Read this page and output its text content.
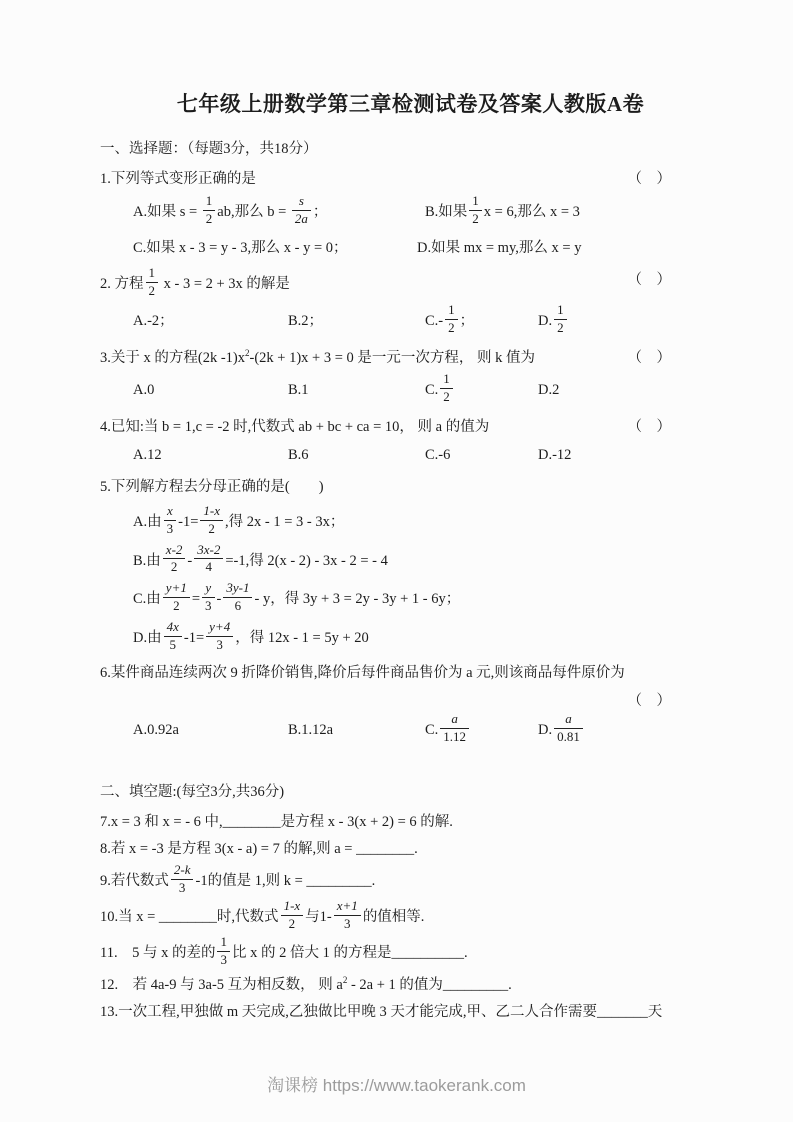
七年级上册数学第三章检测试卷及答案人教版A卷
一、选择题：（每题3分，共18分）
（　）
1.下列等式变形正确的是
A.如果 $s = \frac{1}{2}$ ab,那么 $b = \frac{s}{2a}$ ；	B.如果 $\frac{1}{2}$ x = 6,那么 x = 3
C.如果 x - 3 = y - 3,那么 x - y = 0；	D.如果 mx = my,那么 x = y
（　）
2. 方程 $\frac{1}{2}$ x - 3 = 2 + 3x 的解是
A.-2；	B.2；	$C.- \frac{1}{2}$ ；	D. $\frac{1}{2}$
（　）
3.关于 x 的方程(2k $-1)x^2-(2k + 1)x + 3 = 0$ 是一元一次方程， 则 k 值为
A.0	B.1	C. $\frac{1}{2}$	D.2
（　）
4.已知:当 b = 1,c = -2 时,代数式 ab + bc + ca = 10， 则 a 的值为
A.12	B.6	C.-6	D.-12
5.下列解方程去分母正确的是(　　)
A.由 $\frac{x}{3} -1= \frac{1-x}{2}$ ,得 2x - 1 = 3 - 3x；
B.由 $\frac{x-2}{2} - \frac{3x-2}{4} =-1$,得 2(x - 2) - 3x - 2 = - 4
C.由 $\frac{y+1}{2} = \frac{y}{3} - \frac{3y-1}{6} - y$，得 3y + 3 = 2y - 3y + 1 - 6y；
D.由 $\frac{4x}{5} -1= \frac{y+4}{3}$ ，得 12x - 1 = 5y + 20
6.某件商品连续两次 9 折降价销售,降价后每件商品售价为 a 元,则该商品每件原价为
（　）
A.0.92a	B.1.12a	C. $\frac{a}{1.12}$	D. $\frac{a}{0.81}$
二、填空题:(每空3分,共36分)
7.x = 3 和 x = - 6 中,________是方程 x - 3(x + 2) = 6 的解.
8.若 x = -3 是方程 3(x - a) = 7 的解,则 a = ________.
9.若代数式 $\frac{2-k}{3} -1$的值是 1,则 k = _________.
10.当 x = ________时,代数式 $\frac{1-x}{2}$ 与$1- \frac{x+1}{3}$ 的值相等.
11.　5 与 x 的差的 $\frac{1}{3}$ 比 x 的 2 倍大 1 的方程是__________.
12.　若 4a-9 与 3a-5 互为相反数， 则 $a^2 - 2a + 1$ 的值为_________.
13.一次工程,甲独做 m 天完成,乙独做比甲晚 3 天才能完成,甲、乙二人合作需要_______天
淘课榜 https://www.taokerank.com
